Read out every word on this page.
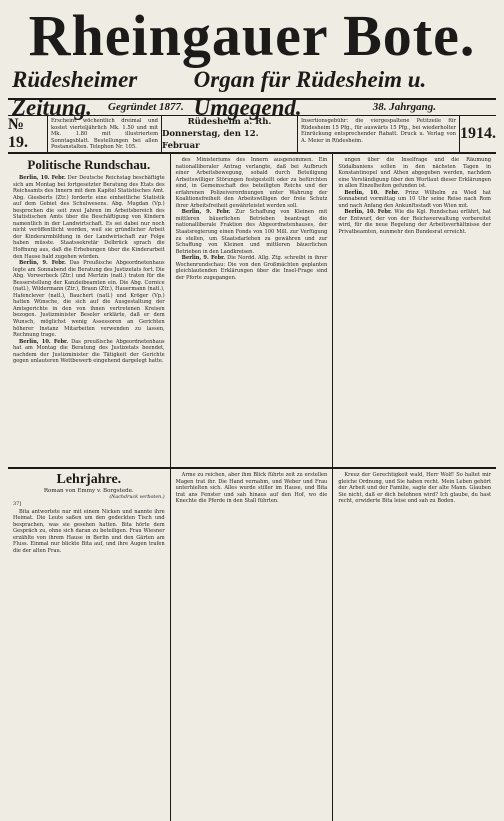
Rheingauer Bote.
Rüdesheimer Zeitung.
Organ für Rüdesheim u. Umgegend.
Gegründet 1877.	38. Jahrgang.
№ 19.
Erscheint wöchentlich dreimal und kostet vierteljährlich Mk. 1.50 und mit Mk. 1.80 mit illustriertem Sonntagsblatt. Bestellungen bei allen Postanstalten. Telephon Nr. 105.
Rüdesheim a. Rh.
Donnerstag, den 12. Februar
Insertionsgebühr: die viergespaltene Petitzeile für Rüdesheim 15 Pfg., für auswärts 15 Pfg., bei wiederholter Einrückung entsprechender Rabatt. Druck u. Verlag von A. Meier in Rüdesheim.	1914.
Politische Rundschau.

Berlin, 10. Febr. Der Deutsche Reichstag beschäftigte sich am Montag bei fortgesetzter Beratung des Etats des Reichsamts des Innern mit dem Kapitel Statistisches Amt. Abg. Giesberts (Ztr.) forderte eine einheitliche Statistik auf dem Gebiet des Schulwesens. Abg. Mugdan (Vp.) besprochen die seit zwei Jahren im Arbeitsbereich des Statistischen Amts über die Beschäftigung von Kindern namentlich in der Landwirtschaft. Es sei dabei nur noch nicht veröffentlicht worden, weil sie gründlicher Arbeit der Kinderarmbildung in der Landwirtschaft zur Folge haben müsste. Staatssekretär Delbrück sprach die Hoffnung aus, daß die Erhebungen über die Kinderarbeit den Hause bald zugehen würden.

Berlin, 9. Febr. Das Preußische Abgeordnetenhaus legte am Sonnabend die Beratung des Justizetats fort. Die Abg. Vorwerbeck (Ztr.) und Mertzin (natl.) traten für die Besserstellung der Kanzleibeamten ein. Die Abg. Cornice (natl.), Wildermann (Ztr.), Braun (Ztr.), Hauermann (natl.), Hafenclever (natl.), Bauchert (natl.) und Kröger (Vp.) hatten Wünsche, die sich auf die Ausgestaltung der Amtsgerichte in den von ihnen vertretenen Kreisen bezogen. Justizminister Beseler erklärte, daß er dem Wunsch, möglichst wenig Assessoren an Gerichten höherer Instanz Mitarbeiten verwenden zu lassen, Rechnung trage.

Berlin, 10. Febr. Das preußische Abgeordnetenhaus hat am Montag die Beratung des Justizetats beendet, nachdem der Justizminister die Tätigkeit der Gerichte gegen unlauteren Wettbewerb eingehend dargelegt hatte.

des Ministeriums des Innern ausgenommen. Ein nationalliberaler Antrag verlangte, daß bei Aufbruch einer Arbeitsbewegung, sobald durch Beteiligung Arbeitswilliger Störungen festgestellt oder zu befürchten sind, in Gemeinschaft des beteiligten Reichs und der erfahrenen Polizeiverordnungen unter Wahrung der Koalitionsfreiheit den Arbeitswilligen der freie Schutz ihrer Arbeitsfreiheit gewährleistet werden soll.

Berlin, 9. Febr. Zur Schaffung von Kleinen mit mittleren bäuerlichen Betrieben beantragt die nationalliberale Fraktion des Abgeordnetenhauses, der Staatsregierung einen Fonds von 100 Mill. zur Verfügung zu stellen, um Staatsdarlehen zu gewähren und zur Schaffung von Kleinen und mittleren bäuerlichen Betrieben in den Landkreisen.

Berlin, 9. Febr. Die Nordd. Allg. Ztg. schreibt in ihrer Wochenrundschau: Die von den Großmächten geplanten gleichlautenden Erklärungen über die Insel-Frage sind der Pforte zugegangen.

ungen über die Inselfrage und die Räumung Südalbaniens sollen in den nächsten Tagen in Konstantinopel und Athen abgegeben werden, nachdem eine Verständigung über den Wortlaut dieser Erklärungen in allen Einzelheiten gefunden ist.

Berlin, 10. Febr. Prinz Wilhelm zu Wied hat Sonnabend vormittag um 10 Uhr seine Reise nach Rom und nach Anfang den Ankunftsstadt von Wien mit.

Berlin, 10. Febr. Wie die Kgl. Rundschau erfährt, hat der Entwurf, der von der Reichsverwaltung vorbereitet wird, für die neue Regelung der Arbeitsverhältnisse der Privatbeamten, nunmehr den Bundesrat erreicht.

Lehrjahre.
Roman von Emmy v. Borgstede.
(Nachdruck verboten.)
37]

Bita antwortete nur mit einem Nicken und nannte ihre Heimat. Die Leute saßen um den gedeckten Tisch und besprachen, was sie gesehen hatten. Bita hörte dem Gespräch zu, ohne sich daran zu beteiligen. Frau Wiesner erzählte von ihrem Hause in Berlin und den Gärten am Fluss. Einmal nur blickte Bita auf, und ihre Augen trafen die der alten Frau.

Arme zu reichen, aber ihm Blick führte zeit zu erstellen Magen trat ihr. Die Hand vernahm, und Weber und Frau unterhielten sich. Alles wurde stiller im Hause, und Bita trat ans Fenster und sah hinaus auf den Hof, wo die Knechte die Pferde in den Stall führten.

Kreuz der Gerechtigkeit wald, Herr Wolf! So haltet mir gleiche Ordnung, und Sie haben recht. Mein Leben gehört der Arbeit und der Familie, sagte der alte Mann. Glauben Sie nicht, daß er dich belohnen wird? Ich glaube, du hast recht, erwiderte Bita leise und sah zu Boden.
